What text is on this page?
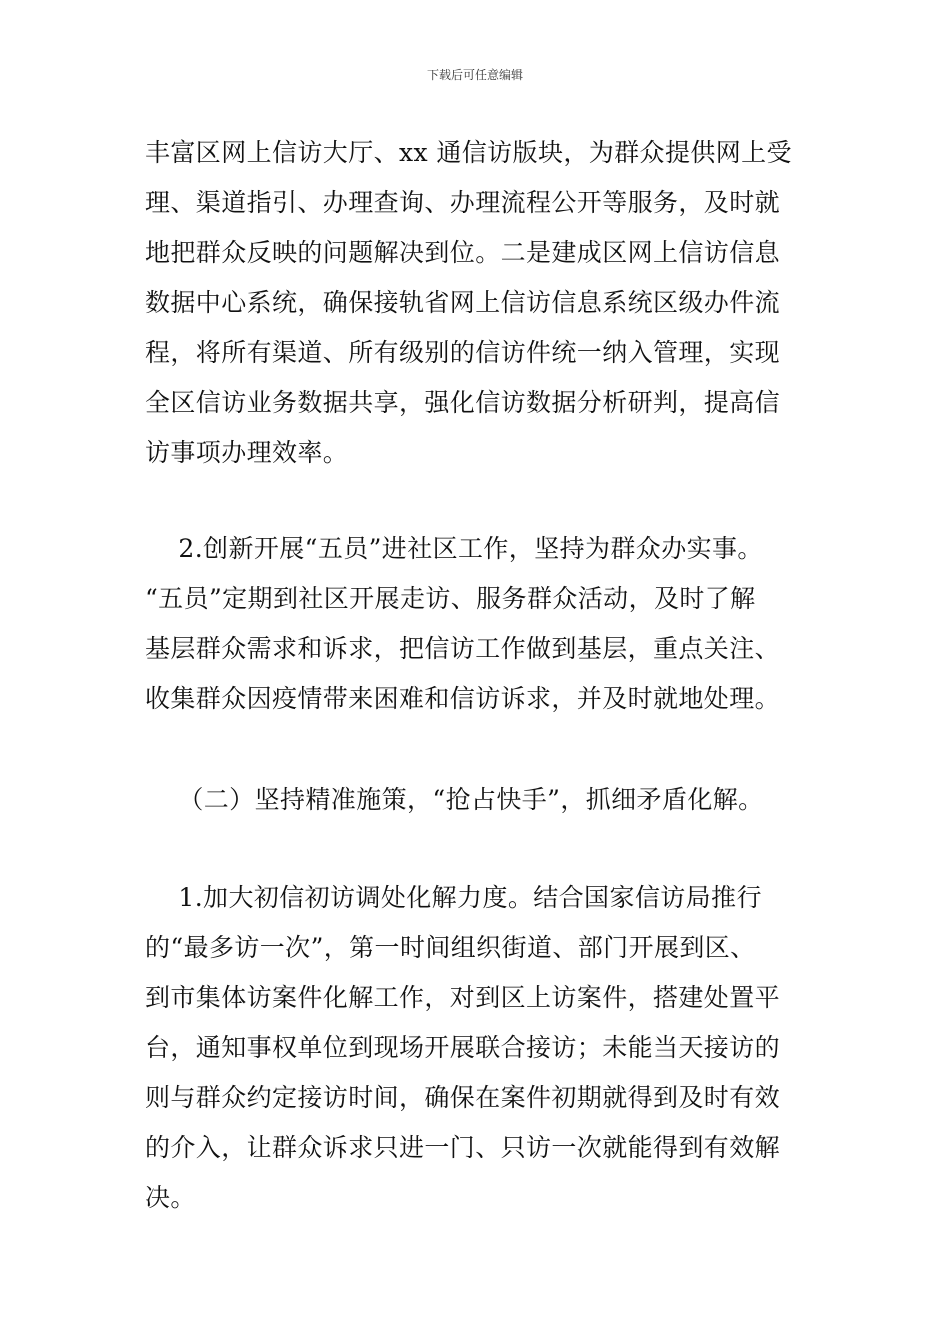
下载后可任意编辑
丰富区网上信访大厅、xx 通信访版块，为群众提供网上受
理、渠道指引、办理查询、办理流程公开等服务，及时就
地把群众反映的问题解决到位。二是建成区网上信访信息
数据中心系统，确保接轨省网上信访信息系统区级办件流
程，将所有渠道、所有级别的信访件统一纳入管理，实现
全区信访业务数据共享，强化信访数据分析研判，提高信
访事项办理效率。
2.创新开展“五员”进社区工作，坚持为群众办实事。
“五员”定期到社区开展走访、服务群众活动，及时了解
基层群众需求和诉求，把信访工作做到基层，重点关注、
收集群众因疫情带来困难和信访诉求，并及时就地处理。
（二）坚持精准施策，“抢占快手”，抓细矛盾化解。
1.加大初信初访调处化解力度。结合国家信访局推行
的“最多访一次”，第一时间组织街道、部门开展到区、
到市集体访案件化解工作，对到区上访案件，搭建处置平
台，通知事权单位到现场开展联合接访；未能当天接访的
则与群众约定接访时间，确保在案件初期就得到及时有效
的介入，让群众诉求只进一门、只访一次就能得到有效解
决。
